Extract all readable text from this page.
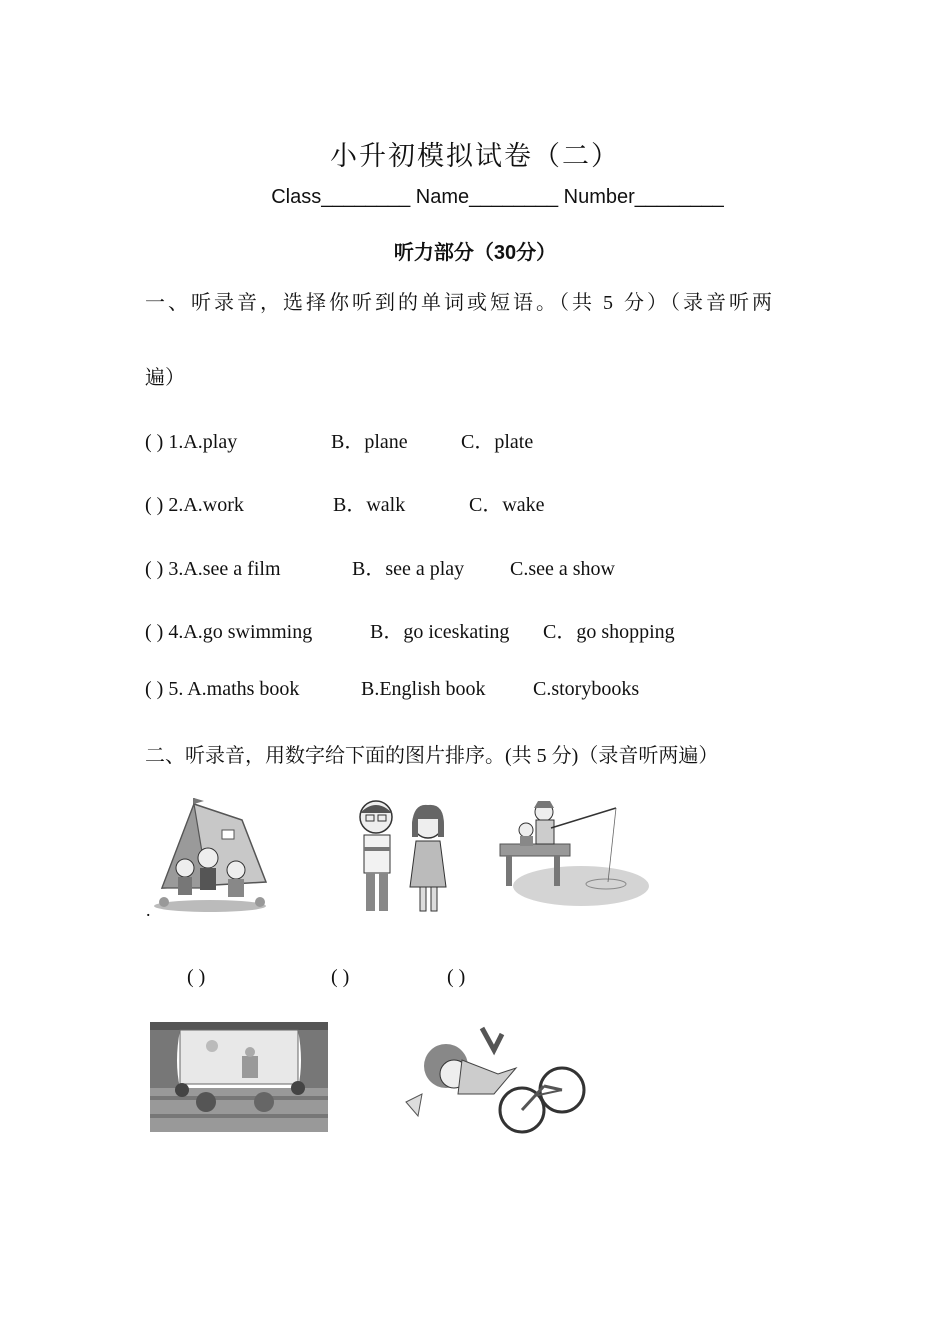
小升初模拟试卷（二）
Class________ Name________ Number________
听力部分（30分）
一、听录音，选择你听到的单词或短语。（共 5 分）（录音听两
遍）
( ) 1.A.play	B．plane	C．plate
( ) 2.A.work	B．walk	C．wake
( ) 3.A.see a film	B．see a play C.see a show
( ) 4.A.go swimming	B．go iceskating C．go shopping
( ) 5. A.maths book	B.English book C.storybooks
二、听录音，用数字给下面的图片排序。(共 5 分)（录音听两遍）
.
( )	( )	( )
